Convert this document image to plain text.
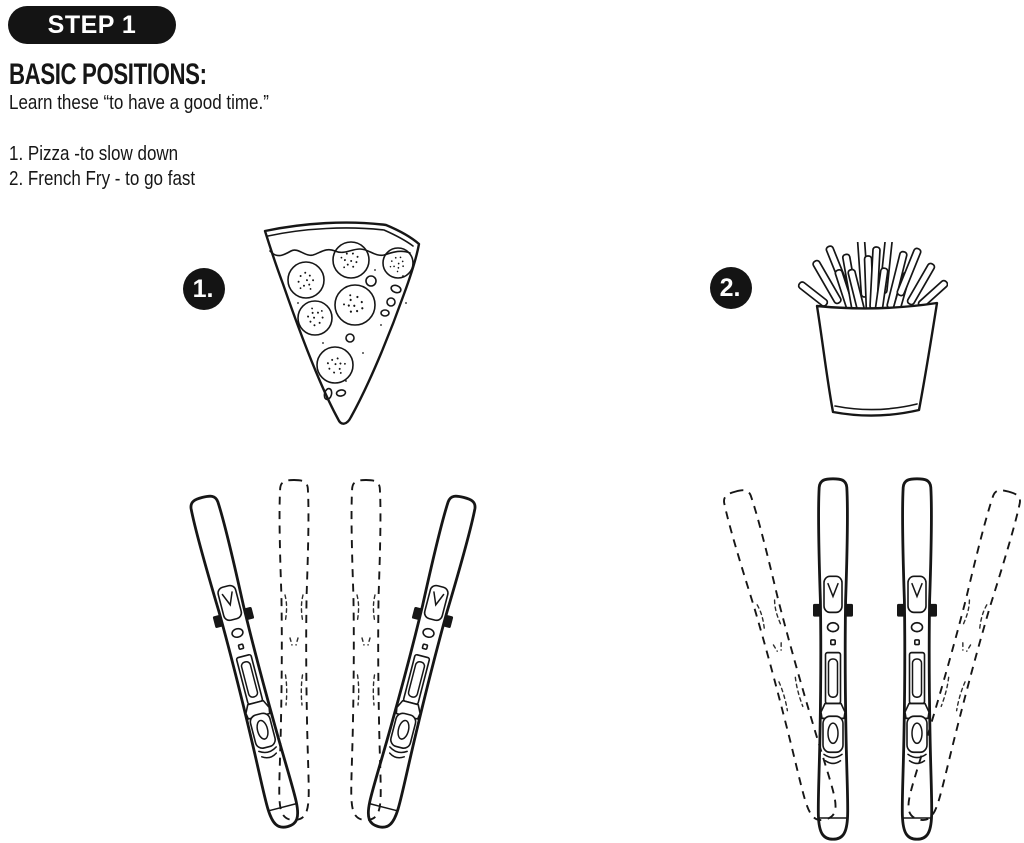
STEP 1
BASIC POSITIONS:

Learn these “to have a good time.”

1. Pizza -to slow down
2. French Fry - to go fast
1.	2.
